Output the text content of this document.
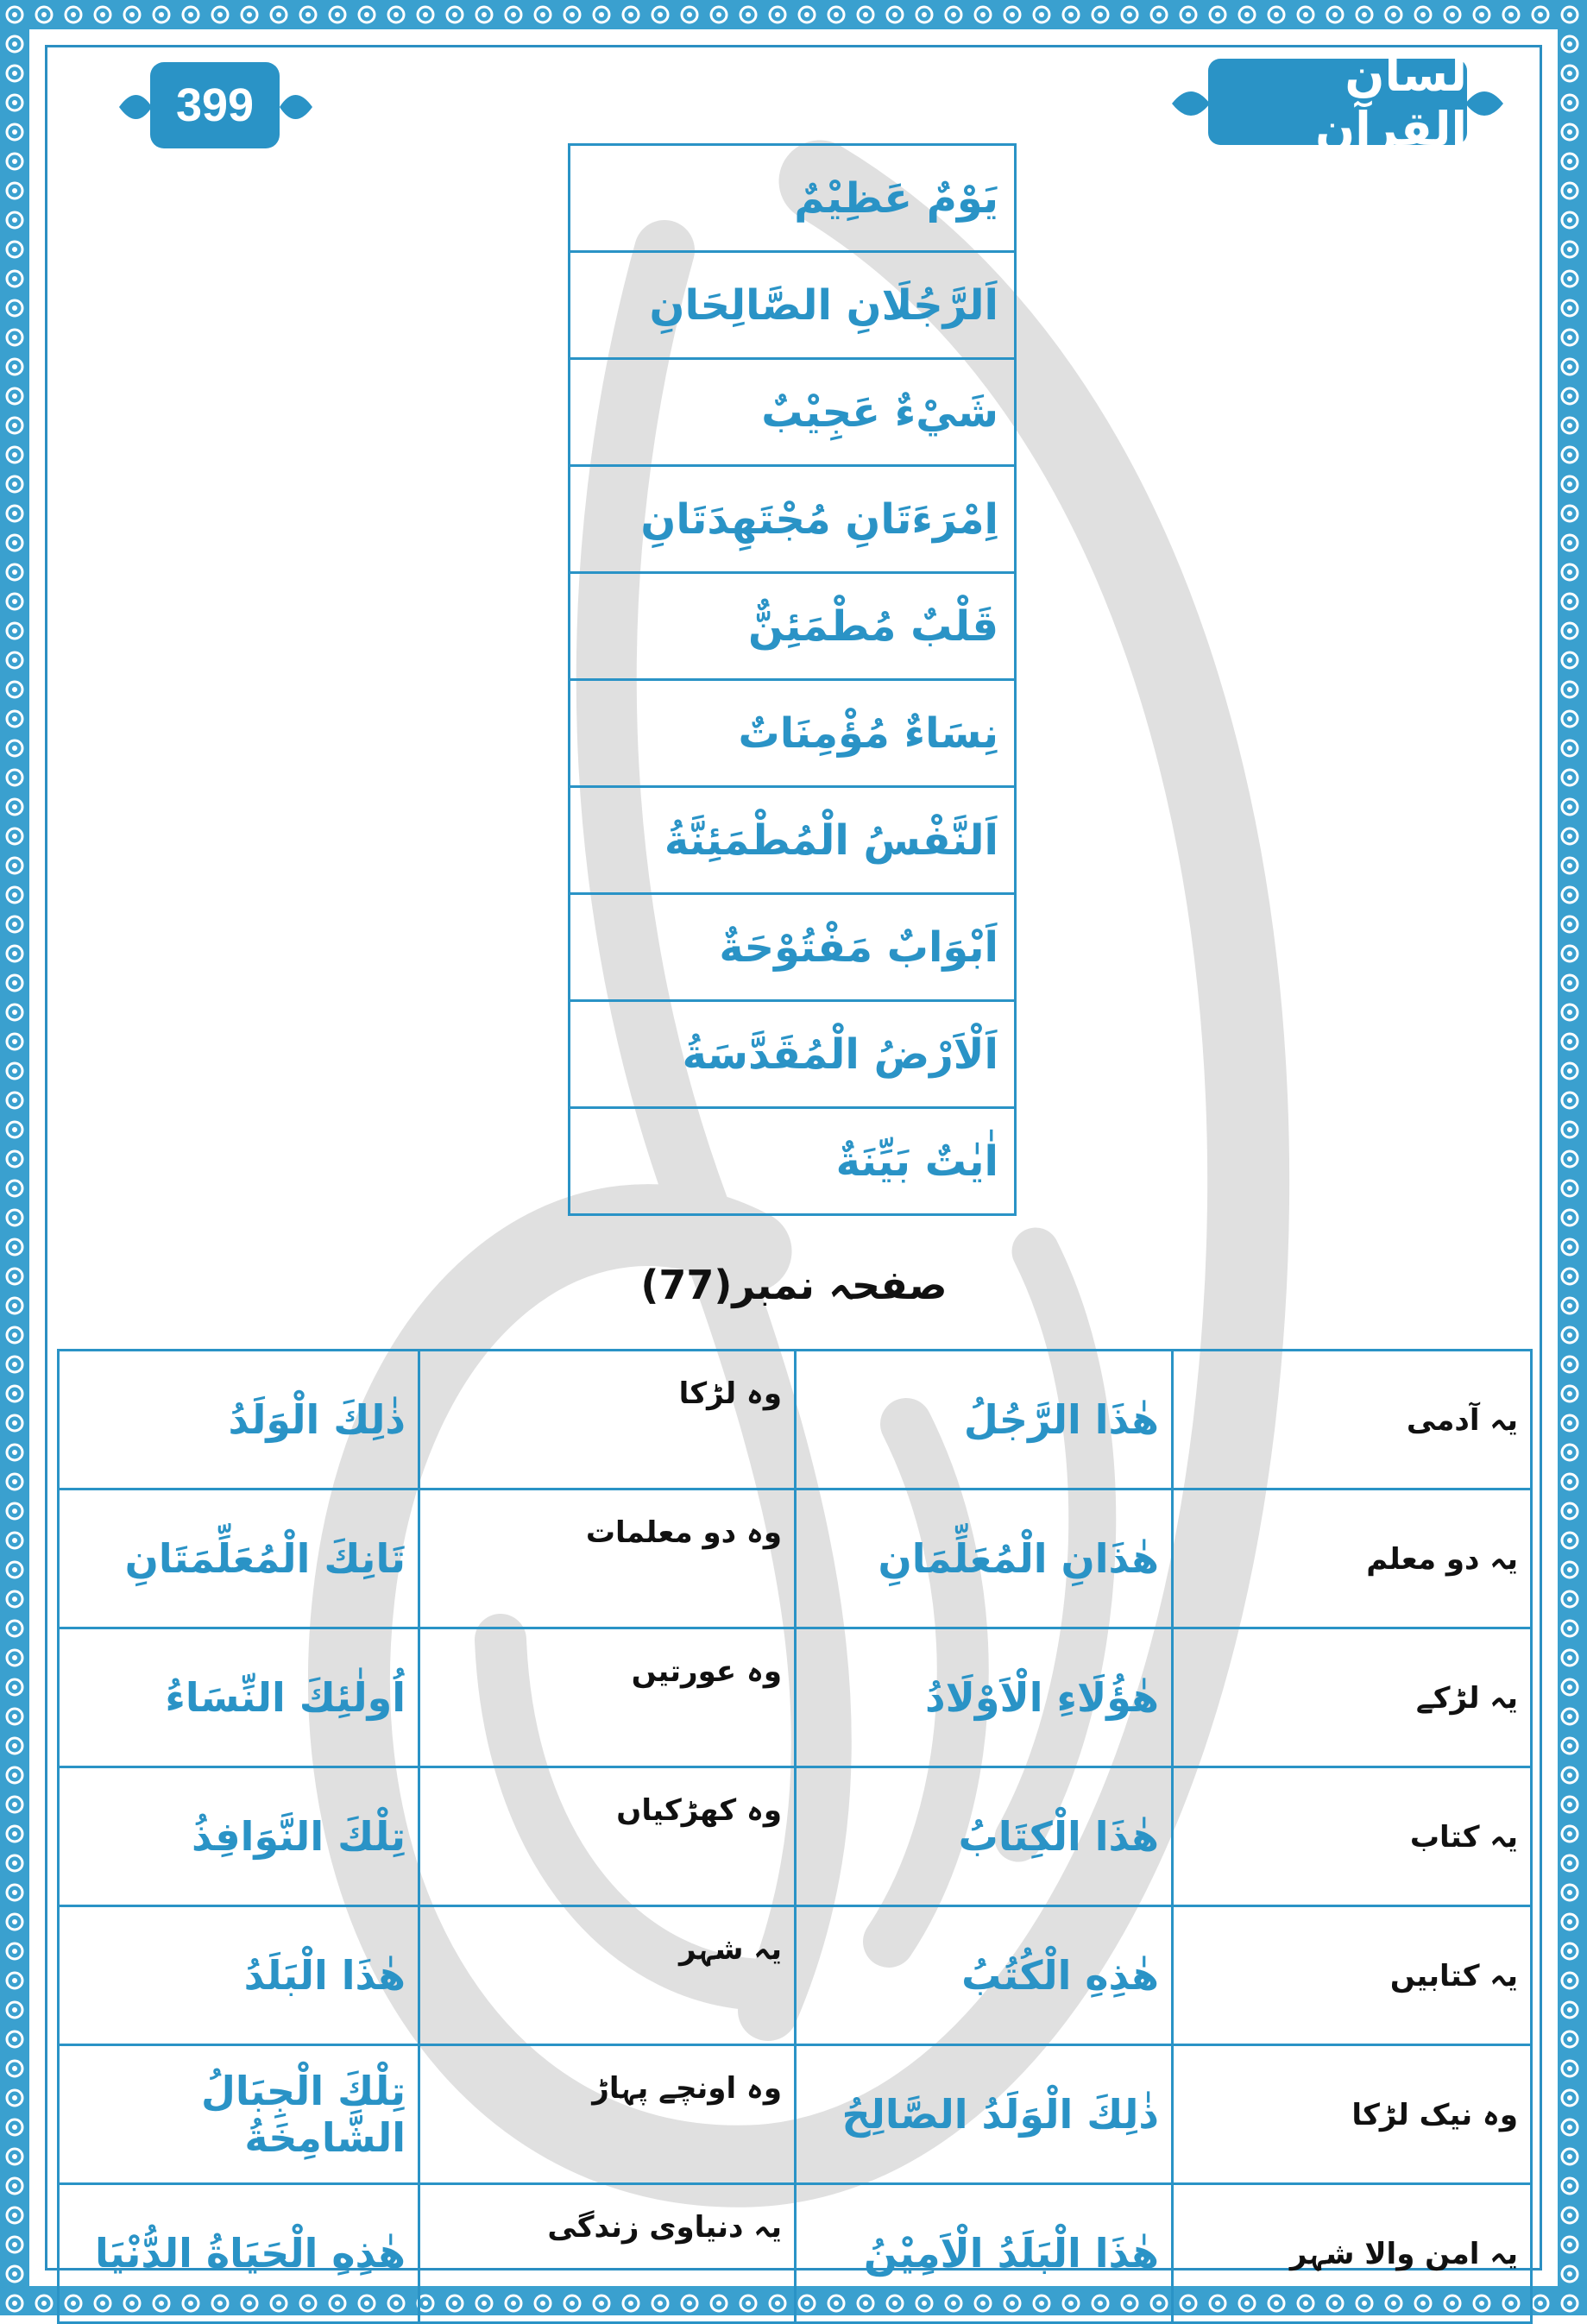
399
لسان القرآن
يَوْمٌ عَظِيْمٌ
اَلرَّجُلَانِ الصَّالِحَانِ
شَيْءٌ عَجِيْبٌ
اِمْرَءَتَانِ مُجْتَهِدَتَانِ
قَلْبٌ مُطْمَئِنٌّ
نِسَاءٌ مُؤْمِنَاتٌ
اَلنَّفْسُ الْمُطْمَئِنَّةُ
اَبْوَابٌ مَفْتُوْحَةٌ
اَلْاَرْضُ الْمُقَدَّسَةُ
اٰيٰتٌ بَيِّنَةٌ
صفحہ نمبر(77)
ذٰلِكَ الْوَلَدُ	وہ لڑکا	هٰذَا الرَّجُلُ	یہ آدمی
تَانِكَ الْمُعَلِّمَتَانِ	وہ دو معلمات	هٰذَانِ الْمُعَلِّمَانِ	یہ دو معلم
اُولٰئِكَ النِّسَاءُ	وہ عورتیں	هٰؤُلَاءِ الْاَوْلَادُ	یہ لڑکے
تِلْكَ النَّوَافِذُ	وہ کھڑکیاں	هٰذَا الْكِتَابُ	یہ کتاب
هٰذَا الْبَلَدُ	یہ شہر	هٰذِهِ الْكُتُبُ	یہ کتابیں
تِلْكَ الْجِبَالُ الشَّامِخَةُ	وہ اونچے پہاڑ	ذٰلِكَ الْوَلَدُ الصَّالِحُ	وہ نیک لڑکا
هٰذِهِ الْحَيَاةُ الدُّنْيَا	یہ دنیاوی زندگی	هٰذَا الْبَلَدُ الْاَمِيْنُ	یہ امن والا شہر
